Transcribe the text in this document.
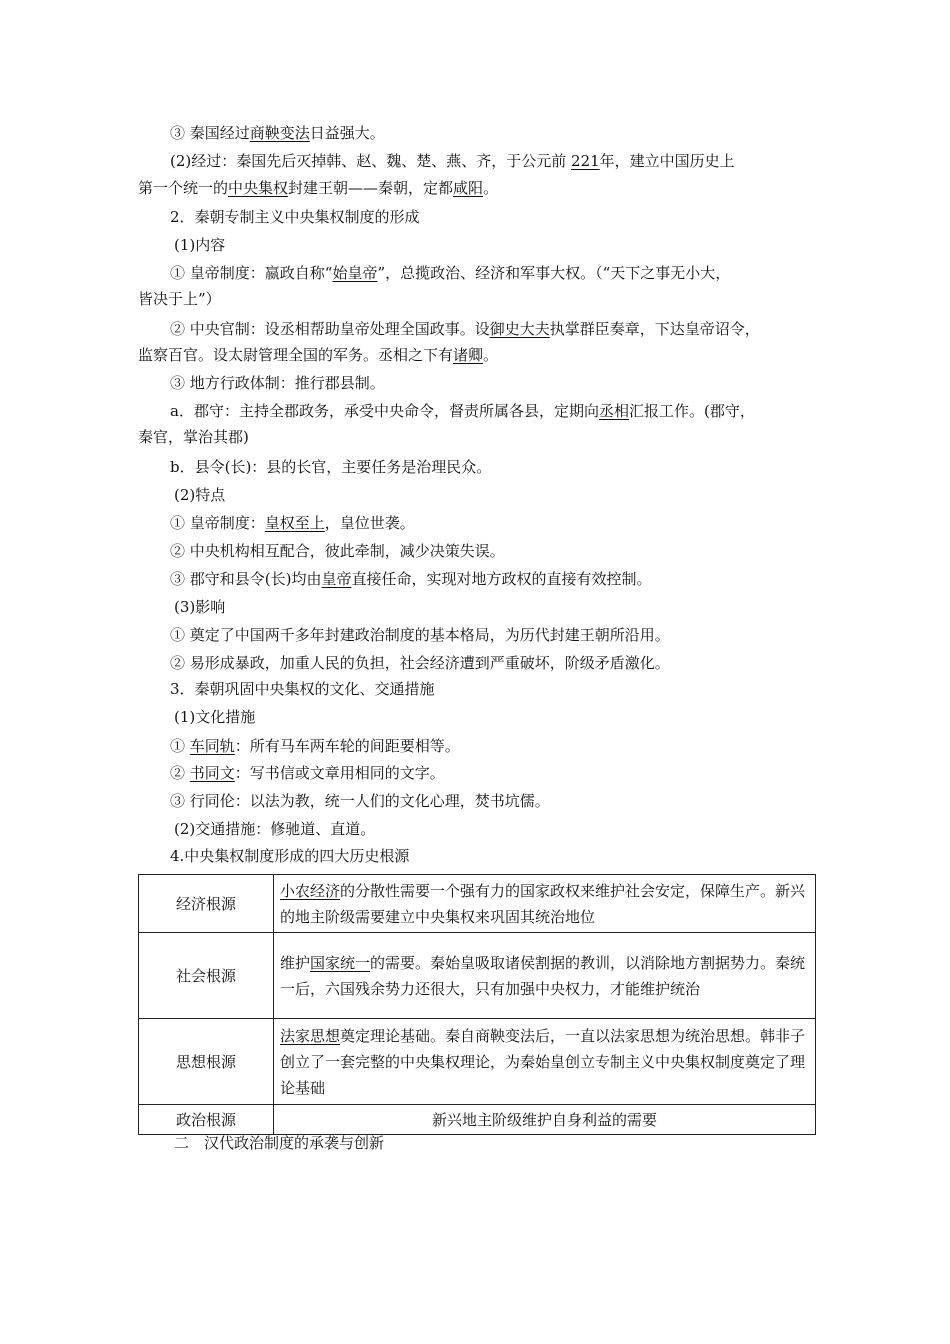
③ 秦国经过商鞅变法日益强大。
(2)经过：秦国先后灭掉韩、赵、魏、楚、燕、齐，于公元前 221年，建立中国历史上
第一个统一的中央集权封建王朝——秦朝，定都咸阳。
2．秦朝专制主义中央集权制度的形成
(1)内容
① 皇帝制度：嬴政自称“始皇帝”，总揽政治、经济和军事大权。（“天下之事无小大，
皆决于上”）
② 中央官制：设丞相帮助皇帝处理全国政事。设御史大夫执掌群臣奏章，下达皇帝诏令，
监察百官。设太尉管理全国的军务。丞相之下有诸卿。
③ 地方行政体制：推行郡县制。
a．郡守：主持全郡政务，承受中央命令，督责所属各县，定期向丞相汇报工作。(郡守，
秦官，掌治其郡)
b．县令(长)：县的长官，主要任务是治理民众。
(2)特点
① 皇帝制度：皇权至上，皇位世袭。
② 中央机构相互配合，彼此牵制，减少决策失误。
③ 郡守和县令(长)均由皇帝直接任命，实现对地方政权的直接有效控制。
(3)影响
① 奠定了中国两千多年封建政治制度的基本格局，为历代封建王朝所沿用。
② 易形成暴政，加重人民的负担，社会经济遭到严重破坏，阶级矛盾激化。
3．秦朝巩固中央集权的文化、交通措施
(1)文化措施
① 车同轨：所有马车两车轮的间距要相等。
② 书同文：写书信或文章用相同的文字。
③ 行同伦：以法为教，统一人们的文化心理，焚书坑儒。
(2)交通措施：修驰道、直道。
4.中央集权制度形成的四大历史根源
经济根源	小农经济的分散性需要一个强有力的国家政权来维护社会安定，保障生产。新兴的地主阶级需要建立中央集权来巩固其统治地位
社会根源	维护国家统一的需要。秦始皇吸取诸侯割据的教训，以消除地方割据势力。秦统一后，六国残余势力还很大，只有加强中央权力，才能维护统治
思想根源	法家思想奠定理论基础。秦自商鞅变法后，一直以法家思想为统治思想。韩非子创立了一套完整的中央集权理论，为秦始皇创立专制主义中央集权制度奠定了理论基础
政治根源	新兴地主阶级维护自身利益的需要
二　汉代政治制度的承袭与创新
